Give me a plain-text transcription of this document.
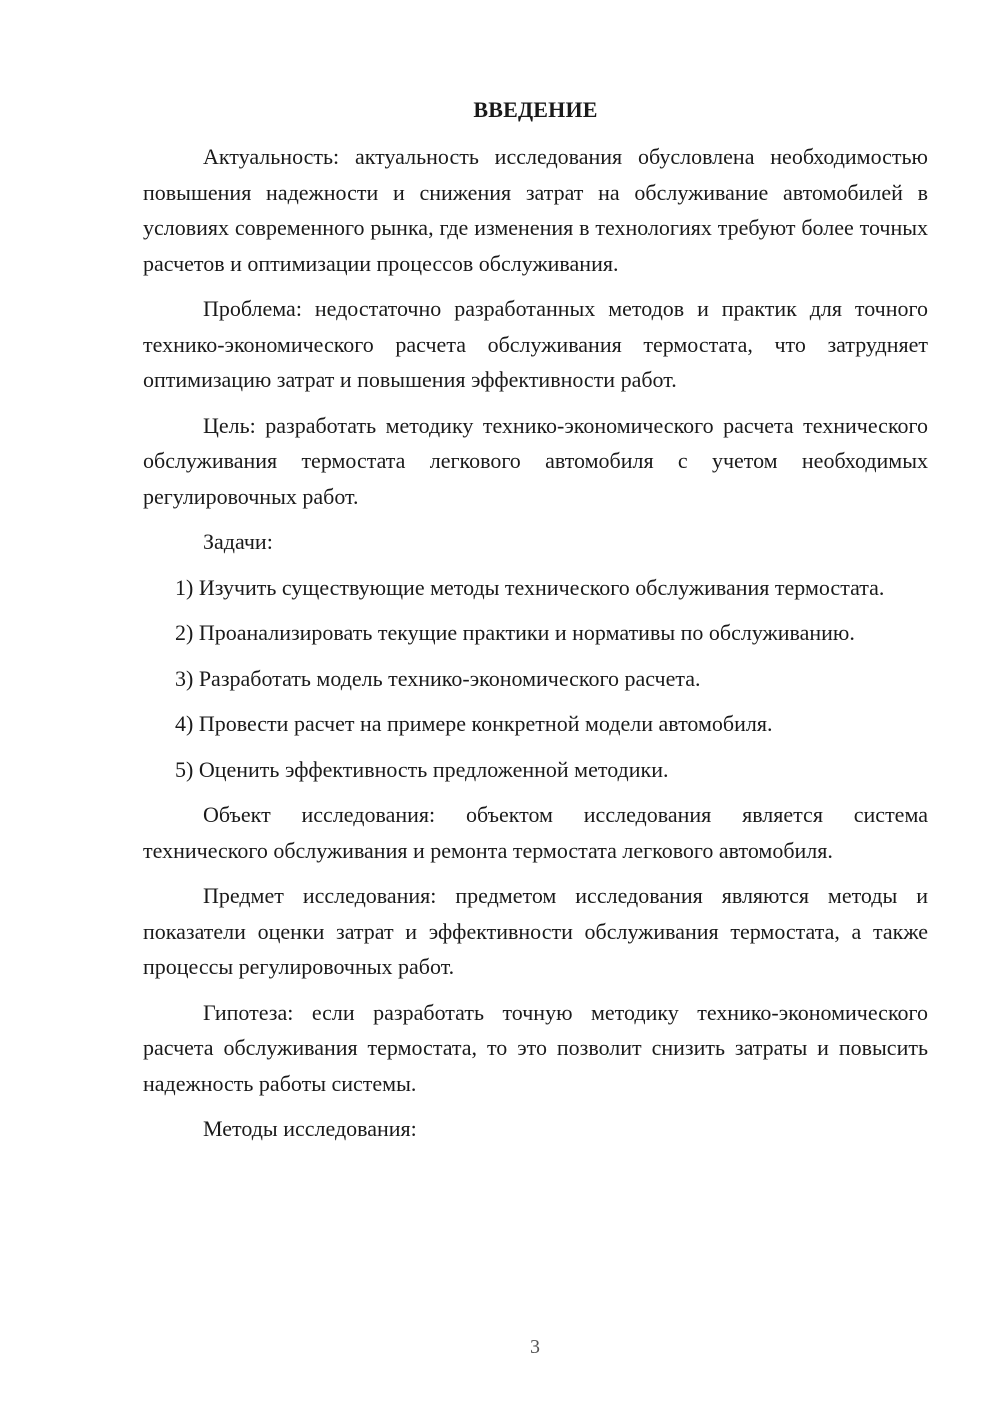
ВВЕДЕНИЕ

Актуальность: актуальность исследования обусловлена необходимостью повышения надежности и снижения затрат на обслуживание автомобилей в условиях современного рынка, где изменения в технологиях требуют более точных расчетов и оптимизации процессов обслуживания.

Проблема: недостаточно разработанных методов и практик для точного технико-экономического расчета обслуживания термостата, что затрудняет оптимизацию затрат и повышения эффективности работ.

Цель: разработать методику технико-экономического расчета технического обслуживания термостата легкового автомобиля с учетом необходимых регулировочных работ.

Задачи:

1) Изучить существующие методы технического обслуживания термостата.

2) Проанализировать текущие практики и нормативы по обслуживанию.

3) Разработать модель технико-экономического расчета.

4) Провести расчет на примере конкретной модели автомобиля.

5) Оценить эффективность предложенной методики.

Объект исследования: объектом исследования является система технического обслуживания и ремонта термостата легкового автомобиля.

Предмет исследования: предметом исследования являются методы и показатели оценки затрат и эффективности обслуживания термостата, а также процессы регулировочных работ.

Гипотеза: если разработать точную методику технико-экономического расчета обслуживания термостата, то это позволит снизить затраты и повысить надежность работы системы.

Методы исследования:

3
